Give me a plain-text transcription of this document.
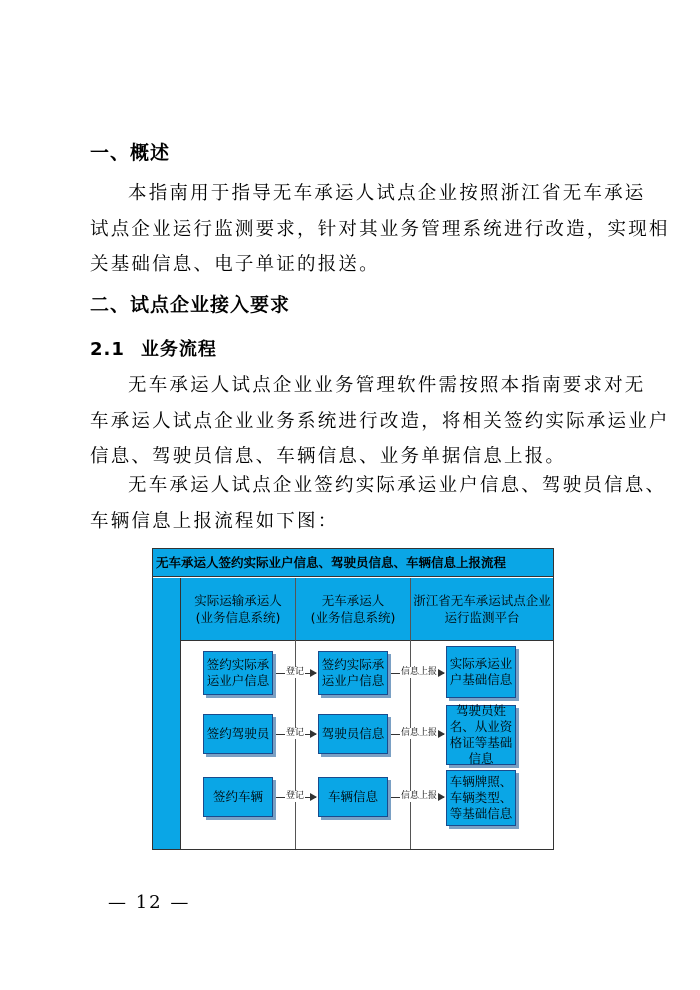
一、概述

本指南用于指导无车承运人试点企业按照浙江省无车承运
试点企业运行监测要求，针对其业务管理系统进行改造，实现相
关基础信息、电子单证的报送。

二、试点企业接入要求
2.1 业务流程

无车承运人试点企业业务管理软件需按照本指南要求对无
车承运人试点企业业务系统进行改造，将相关签约实际承运业户
信息、驾驶员信息、车辆信息、业务单据信息上报。

无车承运人试点企业签约实际承运业户信息、驾驶员信息、
车辆信息上报流程如下图：

无车承运人签约实际业户信息、驾驶员信息、车辆信息上报流程
实际运输承运人
(业务信息系统)
无车承运人
(业务信息系统)
浙江省无车承运试点企业
运行监测平台
签约实际承运业户信息
登记 签约实际承运业户信息
信息上报
实际承运业户基础信息
签约驾驶员	登记 驾驶员信息	信息上报
驾驶员姓名、从业资格证等基础信息
签约车辆	登记	车辆信息	信息上报
车辆牌照、车辆类型、等基础信息
— 12 —
